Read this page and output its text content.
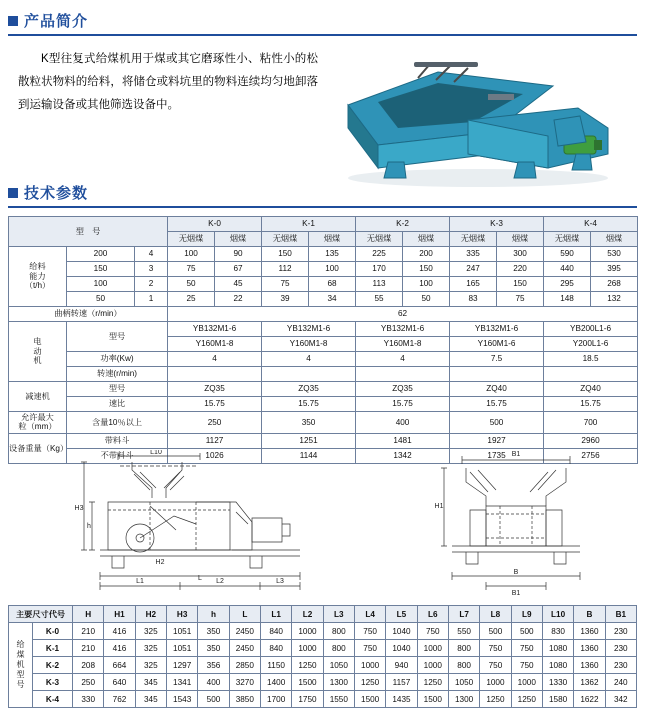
产品简介

K型往复式给煤机用于煤或其它磨琢性小、粘性小的松散粒状物料的给料，将储仓或料坑里的物料连续均匀地卸落到运输设备或其他筛选设备中。

技术参数
型　号			K-0		K-1		K-2		K-3		K-4	
			无烟煤	烟煤	无烟煤	烟煤	无烟煤	烟煤	无烟煤	烟煤	无烟煤	烟煤

给料
能力
（t/h）	200	4	100	90	150	135	225	200	335	300	590	530
	150	3	75	67	112	100	170	150	247	220	440	395
	100	2	50	45	75	68	113	100	165	150	295	268
	50	1	25	22	39	34	55	50	83	75	148	132
曲柄转速（r/min）			62									

电
动
机	型号		YB132M1-6		YB132M1-6		YB132M1-6		YB132M1-6		YB200L1-6	
			Y160M1-8		Y160M1-8		Y160M1-8		Y160M1-6		Y200L1-6	
	功率(Kw)		4		4		4		7.5		18.5	
	转速(r/min)											
减速机	型号		ZQ35		ZQ35		ZQ35		ZQ40		ZQ40	
	速比		15.75		15.75		15.75		15.75		15.75	

允许最大
粒（mm）	含量10％以上		250		350		400		500		700	
设备重量（Kg）	带料斗		1127		1251		1481		1927		2960	
	不带料斗		1026		1144		1342		1735		2756	
L10
L
L1	L2	L3
h
H3
B1
B
B1
H1
H2
主要尺寸代号		H	H1	H2	H3	h	L	L1	L2	L3	L4	L5	L6	L7	L8	L9	L10	B	B1
给
煤
机
型
号	K-0	210	416	325	1051	350	2450	840	1000	800	750	1040	750	550	500	500	830	1360	230
	K-1	210	416	325	1051	350	2450	840	1000	800	750	1040	1000	800	750	750	1080	1360	230
	K-2	208	664	325	1297	356	2850	1150	1250	1050	1000	940	1000	800	750	750	1080	1360	230
	K-3	250	640	345	1341	400	3270	1400	1500	1300	1250	1157	1250	1050	1000	1000	1330	1362	240
	K-4	330	762	345	1543	500	3850	1700	1750	1550	1500	1435	1500	1300	1250	1250	1580	1622	342
